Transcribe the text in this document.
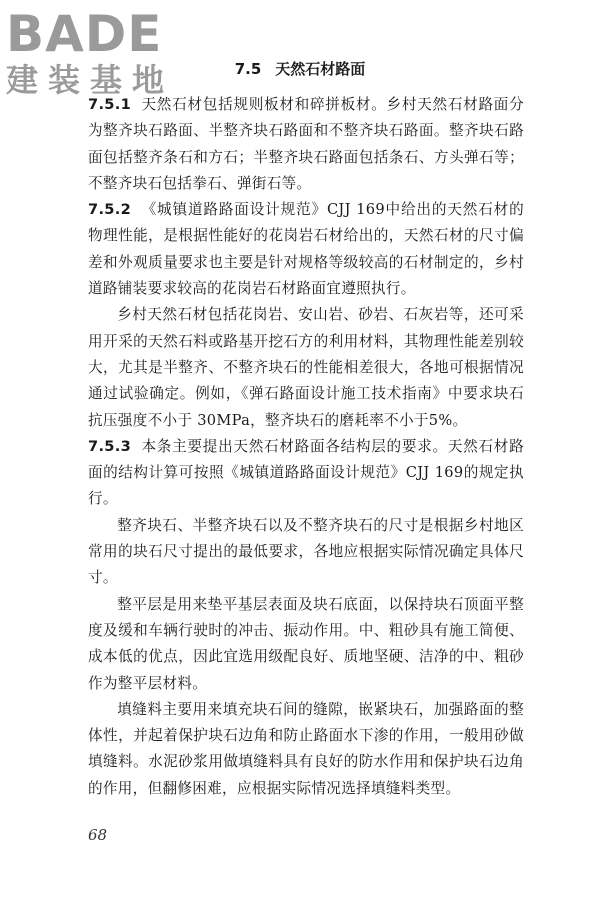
BADE
建装基地	7.5 天然石材路面

7.5.1 天然石材包括规则板材和碎拼板材。乡村天然石材路面分为整齐块石路面、半整齐块石路面和不整齐块石路面。整齐块石路面包括整齐条石和方石；半整齐块石路面包括条石、方头弹石等；不整齐块石包括拳石、弹街石等。

7.5.2 《城镇道路路面设计规范》CJJ 169中给出的天然石材的物理性能，是根据性能好的花岗岩石材给出的，天然石材的尺寸偏差和外观质量要求也主要是针对规格等级较高的石材制定的，乡村道路铺装要求较高的花岗岩石材路面宜遵照执行。

乡村天然石材包括花岗岩、安山岩、砂岩、石灰岩等，还可采用开采的天然石料或路基开挖石方的利用材料，其物理性能差别较大，尤其是半整齐、不整齐块石的性能相差很大，各地可根据情况通过试验确定。例如，《弹石路面设计施工技术指南》中要求块石抗压强度不小于 30MPa，整齐块石的磨耗率不小于5%。

7.5.3 本条主要提出天然石材路面各结构层的要求。天然石材路面的结构计算可按照《城镇道路路面设计规范》CJJ 169的规定执行。

整齐块石、半整齐块石以及不整齐块石的尺寸是根据乡村地区常用的块石尺寸提出的最低要求，各地应根据实际情况确定具体尺寸。

整平层是用来垫平基层表面及块石底面，以保持块石顶面平整度及缓和车辆行驶时的冲击、振动作用。中、粗砂具有施工简便、成本低的优点，因此宜选用级配良好、质地坚硬、洁净的中、粗砂作为整平层材料。

填缝料主要用来填充块石间的缝隙，嵌紧块石，加强路面的整体性，并起着保护块石边角和防止路面水下渗的作用，一般用砂做填缝料。水泥砂浆用做填缝料具有良好的防水作用和保护块石边角的作用，但翻修困难，应根据实际情况选择填缝料类型。

68
